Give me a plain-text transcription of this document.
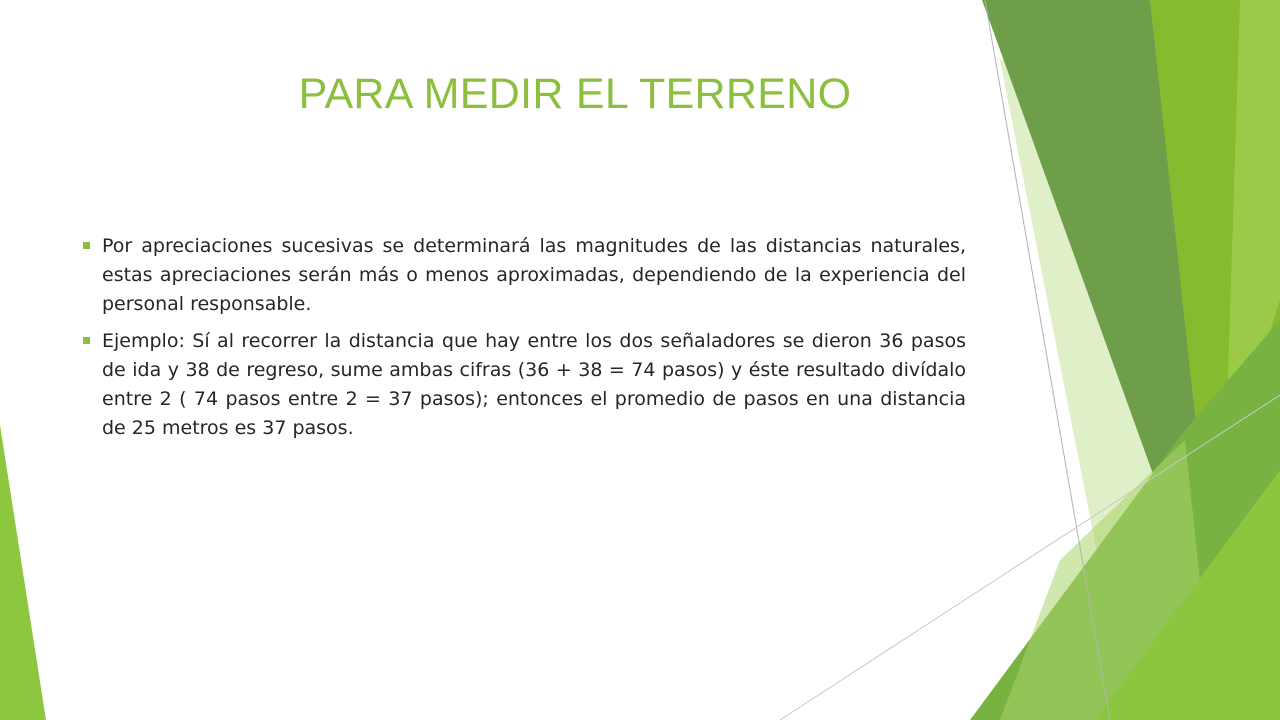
PARA MEDIR EL TERRENO

Por apreciaciones sucesivas se determinará las magnitudes de las distancias naturales, estas apreciaciones serán más o menos aproximadas, dependiendo de la experiencia del personal responsable.

Ejemplo: Sí al recorrer la distancia que hay entre los dos señaladores se dieron 36 pasos de ida y 38 de regreso, sume ambas cifras (36 + 38 = 74 pasos) y éste resultado divídalo entre 2 ( 74 pasos entre 2 = 37 pasos); entonces el promedio de pasos en una distancia de 25 metros es 37 pasos.
